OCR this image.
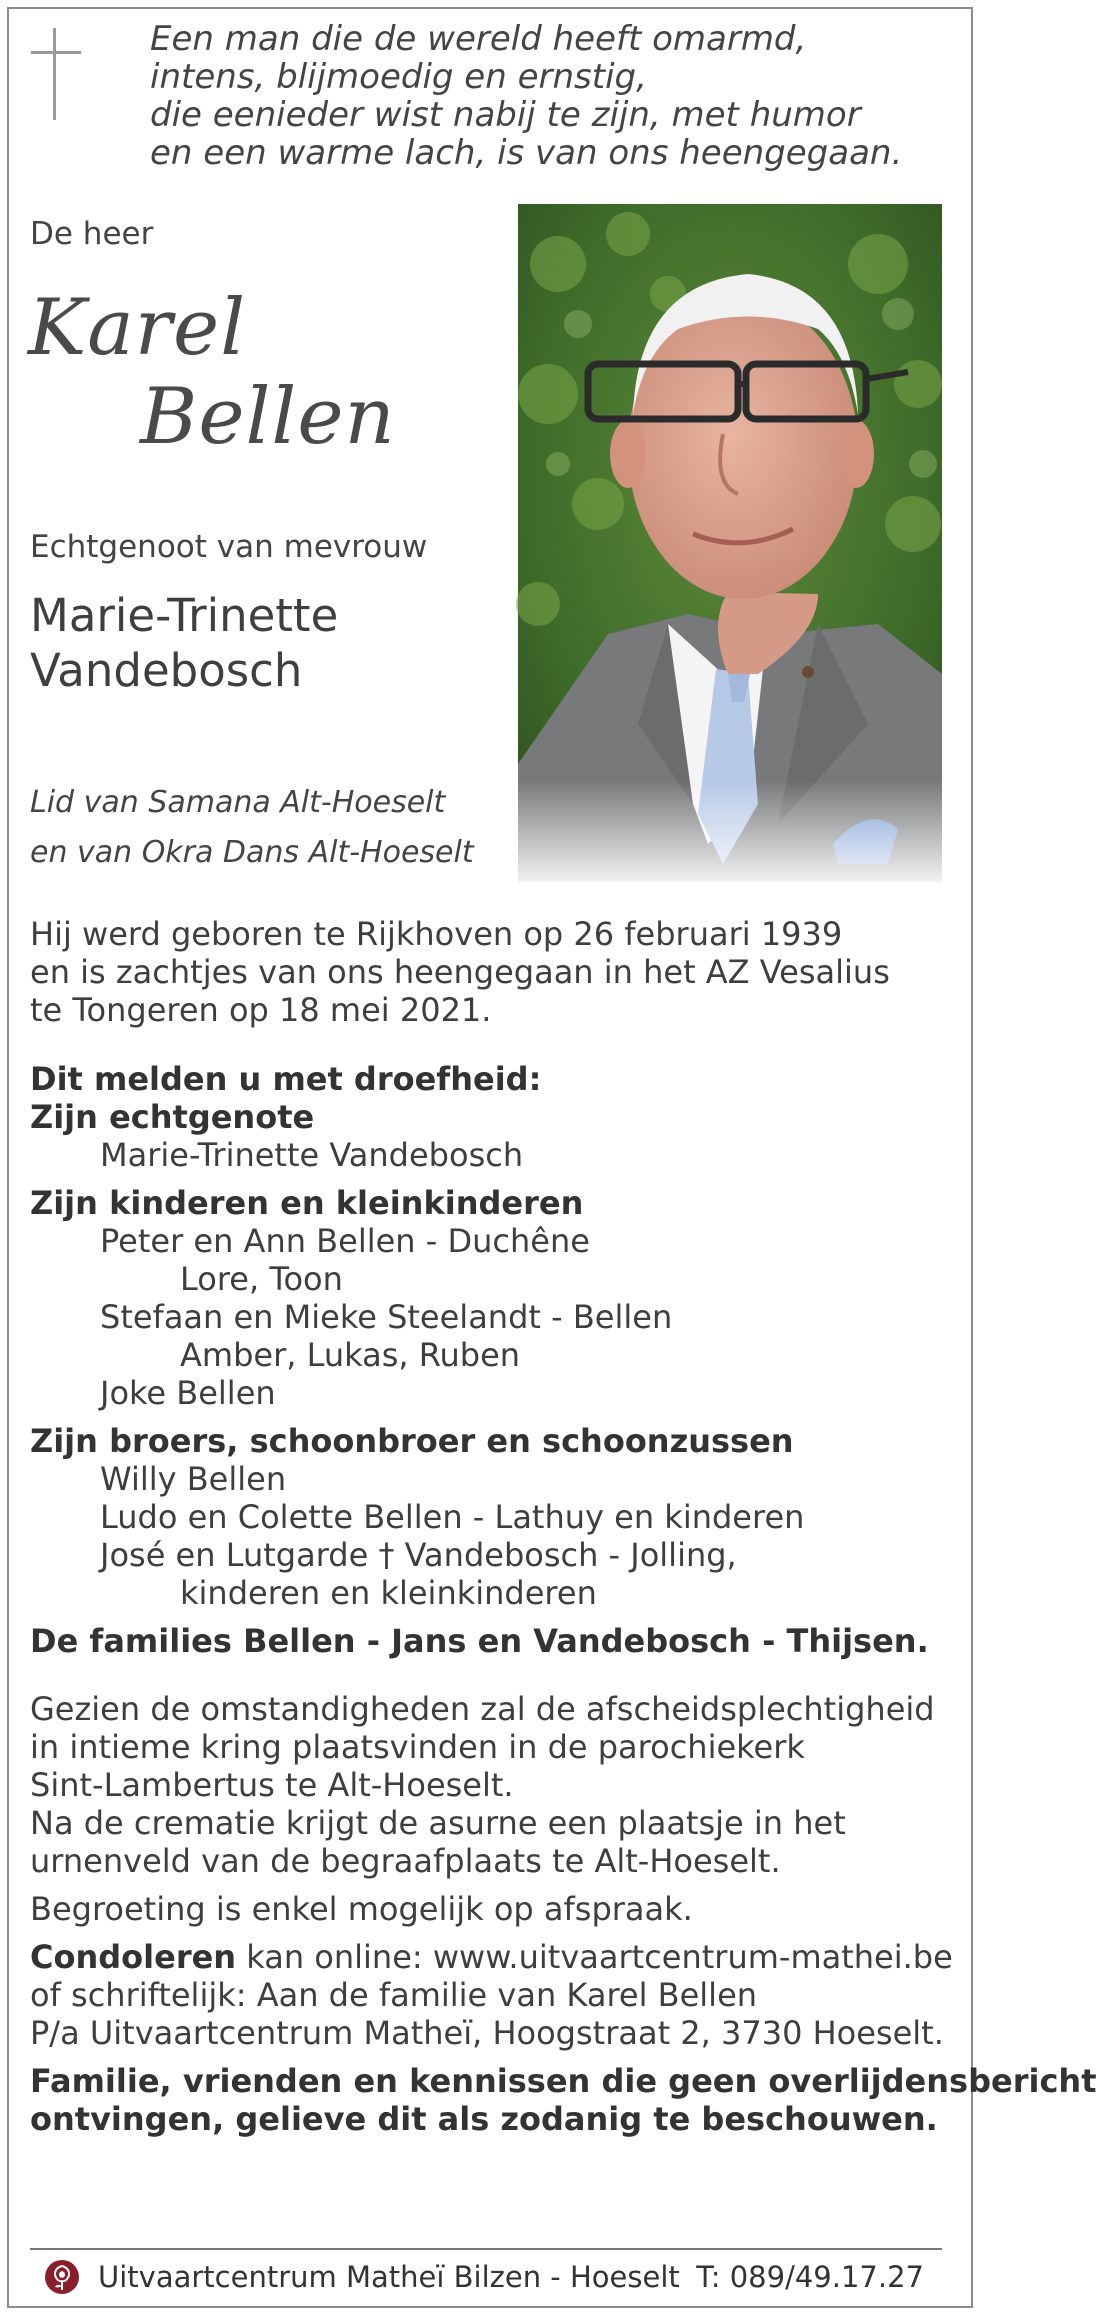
Een man die de wereld heeft omarmd,
intens, blijmoedig en ernstig,
die eenieder wist nabij te zijn, met humor
en een warme lach, is van ons heengegaan.
De heer
Karel
Bellen
Echtgenoot van mevrouw
Marie-Trinette
Vandebosch
Lid van Samana Alt-Hoeselt
en van Okra Dans Alt-Hoeselt
Hij werd geboren te Rijkhoven op 26 februari 1939
en is zachtjes van ons heengegaan in het AZ Vesalius
te Tongeren op 18 mei 2021.
Dit melden u met droefheid:
Zijn echtgenote
Marie-Trinette Vandebosch
Zijn kinderen en kleinkinderen
Peter en Ann Bellen - Duchêne
Lore, Toon
Stefaan en Mieke Steelandt - Bellen
Amber, Lukas, Ruben
Joke Bellen
Zijn broers, schoonbroer en schoonzussen
Willy Bellen
Ludo en Colette Bellen - Lathuy en kinderen
José en Lutgarde † Vandebosch - Jolling,
kinderen en kleinkinderen
De families Bellen - Jans en Vandebosch - Thijsen.
Gezien de omstandigheden zal de afscheidsplechtigheid
in intieme kring plaatsvinden in de parochiekerk
Sint-Lambertus te Alt-Hoeselt.
Na de crematie krijgt de asurne een plaatsje in het
urnenveld van de begraafplaats te Alt-Hoeselt.
Begroeting is enkel mogelijk op afspraak.
Condoleren kan online: www.uitvaartcentrum-mathei.be
of schriftelijk: Aan de familie van Karel Bellen
P/a Uitvaartcentrum Matheï, Hoogstraat 2, 3730 Hoeselt.
Familie, vrienden en kennissen die geen overlijdensbericht
ontvingen, gelieve dit als zodanig te beschouwen.
Uitvaartcentrum Matheï Bilzen - Hoeselt T: 089/49.17.27
